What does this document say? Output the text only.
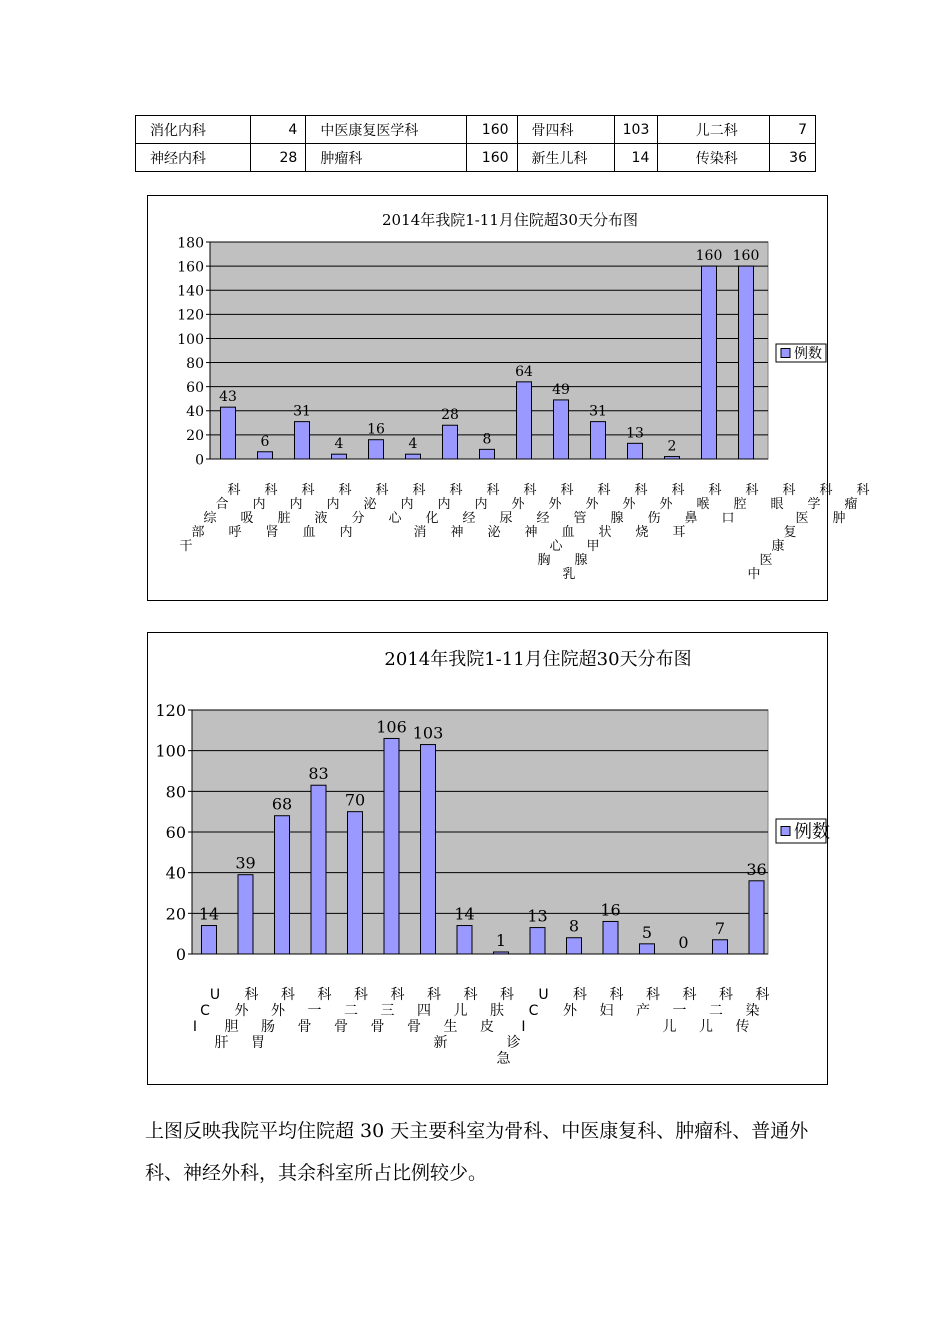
消化内科	4	中医康复医学科	160	骨四科	103	儿二科	7
神经内科	28	肿瘤科	160	新生儿科	14	传染科	36
2014年我院1-11月住院超30天分布图
0
20
40
60
80
100
120
140
160
180
43
6
31
4
16
4
28
8
64
49
31
13
2
160 160
科
合
综
部
干
科
内
吸
呼
科
内
脏
肾
科
内
液
血
科
泌
分
内
科
内
心
科
内
化
消
科
内
经
神
科
外
尿
泌
科
外
经
神
科
外
管
血
心
胸
科
外
腺
状
甲
腺
乳
科
外
伤
烧
科
喉
鼻
耳
科
腔
口
科
眼
科
学
医
复
康
医
中
科
瘤
肿
例数
2014年我院1-11月住院超30天分布图
0
20
40
60
80
100
120
14
39
68
83
70
106 103
14
1
13
8
16
5
0
7
36
U
C
I
科
外
胆
肝
科
外
肠
胃
科
一
骨
科
二
骨
科
三
骨
科
四
骨
科
儿
生
新
科
肤
皮
U
C
I
诊
急
科
外
科
妇
科
产
科
一
儿
科
二
儿
科
染
传
例数

上图反映我院平均住院超 30 天主要科室为骨科、中医康复科、肿瘤科、普通外科、神经外科，其余科室所占比例较少。
